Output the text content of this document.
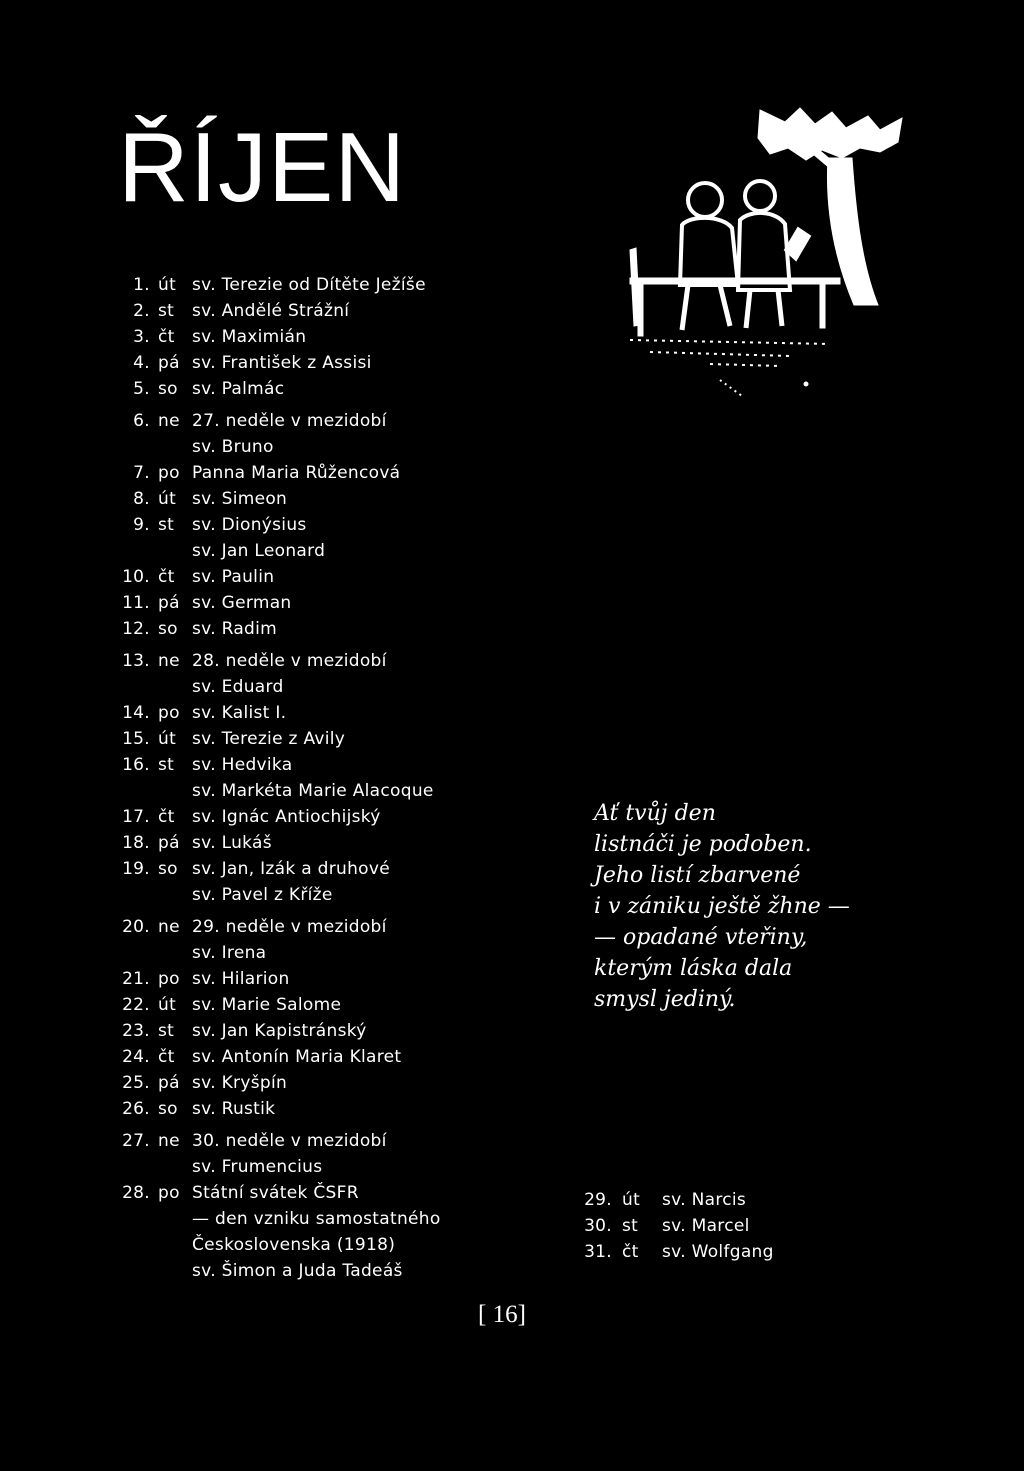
ŘÍJEN
1. út sv. Terezie od Dítěte Ježíše
2. st sv. Andělé Strážní
3. čt sv. Maximián
4. pá sv. František z Assisi
5. so sv. Palmác
6. ne 27. neděle v mezidobí
sv. Bruno
7. po Panna Maria Růžencová
8. út sv. Simeon
9. st sv. Dionýsius
sv. Jan Leonard
10. čt sv. Paulin
11. pá sv. German
12. so sv. Radim
13. ne 28. neděle v mezidobí
sv. Eduard
14. po sv. Kalist I.
15. út sv. Terezie z Avily
16. st sv. Hedvika
sv. Markéta Marie Alacoque
17. čt sv. Ignác Antiochijský
18. pá sv. Lukáš
19. so sv. Jan, Izák a druhové
sv. Pavel z Kříže
20. ne 29. neděle v mezidobí
sv. Irena
21. po sv. Hilarion
22. út sv. Marie Salome
23. st sv. Jan Kapistránský
24. čt sv. Antonín Maria Klaret
25. pá sv. Kryšpín
26. so sv. Rustik
27. ne 30. neděle v mezidobí
sv. Frumencius
28. po Státní svátek ČSFR
— den vzniku samostatného
Československa (1918)
sv. Šimon a Juda Tadeáš
Ať tvůj den
listnáči je podoben.
Jeho listí zbarvené
i v zániku ještě žhne —
— opadané vteřiny,
kterým láska dala
smysl jediný.
29. út sv. Narcis
30. st sv. Marcel
31. čt sv. Wolfgang
[ 16]
